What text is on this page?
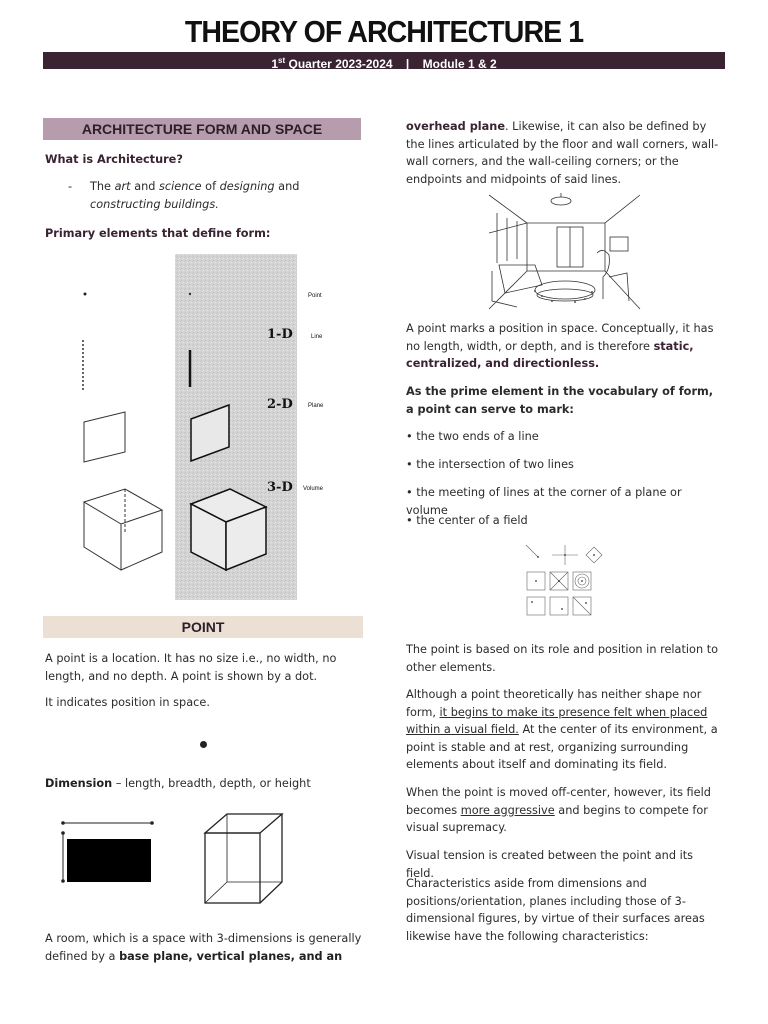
THEORY OF ARCHITECTURE 1
1st Quarter 2023-2024 | Module 1 & 2
ARCHITECTURE FORM AND SPACE
What is Architecture?
- The art and science of designing and
constructing buildings.
Primary elements that define form:
1-D
2-D
3-D
Point
Line
Plane
Volume
POINT

A point is a location. It has no size i.e., no width, no length, and no depth. A point is shown by a dot.

It indicates position in space.

Dimension – length, breadth, depth, or height

A room, which is a space with 3-dimensions is generally defined by a base plane, vertical planes, and an

overhead plane. Likewise, it can also be defined by the lines articulated by the floor and wall corners, wall-wall corners, and the wall-ceiling corners; or the endpoints and midpoints of said lines.

A point marks a position in space. Conceptually, it has no length, width, or depth, and is therefore static, centralized, and directionless.

As the prime element in the vocabulary of form, a point can serve to mark:

• the two ends of a line
• the intersection of two lines
• the meeting of lines at the corner of a plane or volume
• the center of a field

The point is based on its role and position in relation to other elements.

Although a point theoretically has neither shape nor form, it begins to make its presence felt when placed within a visual field. At the center of its environment, a point is stable and at rest, organizing surrounding elements about itself and dominating its field.

When the point is moved off-center, however, its field becomes more aggressive and begins to compete for visual supremacy.

Visual tension is created between the point and its field.

Characteristics aside from dimensions and positions/orientation, planes including those of 3-dimensional figures, by virtue of their surfaces areas likewise have the following characteristics:
